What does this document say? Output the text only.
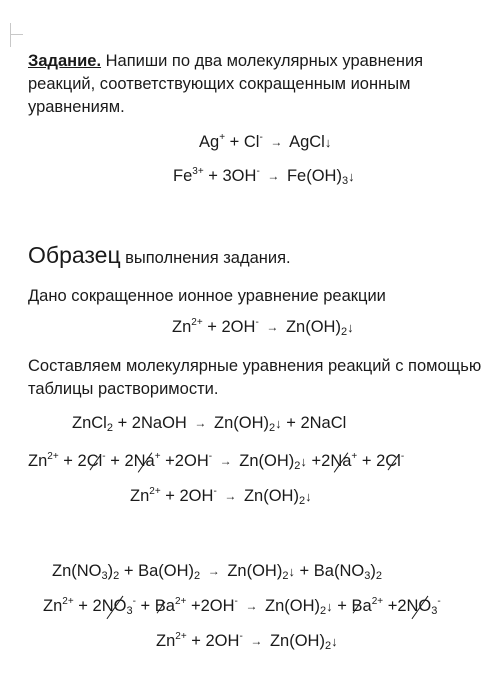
Задание. Напиши по два молекулярных уравнения реакций, соответствующих сокращенным ионным уравнениям.
Ag+ + Cl- → AgCl↓
$Fe^{3+} + 3OH^-$ → $Fe(OH)_3↓$
Образец выполнения задания.
Дано сокращенное ионное уравнение реакции
$Zn^{2+} + 2OH^-$ → $Zn(OH)_2↓$
Составляем молекулярные уравнения реакций с помощью таблицы растворимости.
ZnCl$_2$ + 2NaOH → $Zn(OH)_2↓$ + 2NaCl
$Zn^{2+} + 2Cl^- + 2Na^+ +2OH^-$ → $Zn(OH)_2↓ +2Na^+ + 2Cl^-$
$Zn^{2+} + 2OH^-$ → $Zn(OH)_2↓$
$Zn(NO_3)_2 + Ba(OH)_2$ → $Zn(OH)_2↓ + Ba(NO_3)_2$
$Zn^{2+} + 2NO_3^- + Ba^{2+} +2OH^-$ → $Zn(OH)_2↓ + Ba^{2+} +2NO_3^-$
$Zn^{2+} + 2OH^-$ → $Zn(OH)_2↓$
